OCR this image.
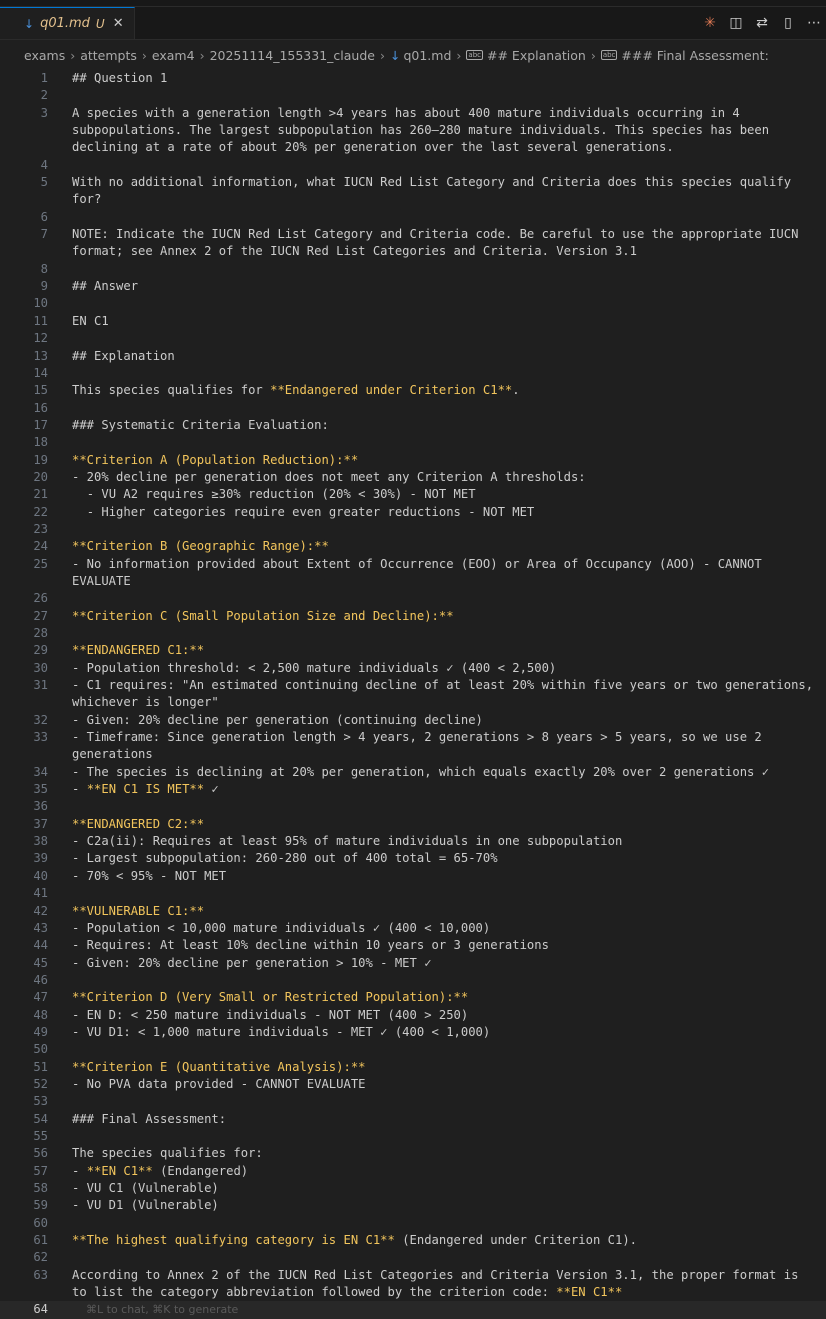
↓ q01.md U ✕	✳ ◫ ⇄	▯	⋯
exams › attempts › exam4 › 20251114_155331_claude › ↓ q01.md › abc ## Explanation › abc ### Final Assessment:
1	## Question 1
2

3	A species with a generation length >4 years has about 400 mature individuals occurring in 4 subpopulations. The largest subpopulation has 260–280 mature individuals. This species has been declining at a rate of about 20% per generation over the last several generations.
4

5	With no additional information, what IUCN Red List Category and Criteria does this species qualify for?
6

7	NOTE: Indicate the IUCN Red List Category and Criteria code. Be careful to use the appropriate IUCN format; see Annex 2 of the IUCN Red List Categories and Criteria. Version 3.1
8

9	## Answer
10

11	EN C1
12

13	## Explanation
14

15	This species qualifies for **Endangered under Criterion C1**.
16

17	### Systematic Criteria Evaluation:
18

19	**Criterion A (Population Reduction):**
20	- 20% decline per generation does not meet any Criterion A thresholds:
21	- VU A2 requires ≥30% reduction (20% < 30%) - NOT MET
22	- Higher categories require even greater reductions - NOT MET
23

24	**Criterion B (Geographic Range):**
25	- No information provided about Extent of Occurrence (EOO) or Area of Occupancy (AOO) - CANNOT EVALUATE
26

27	**Criterion C (Small Population Size and Decline):**
28

29	**ENDANGERED C1:**
30	- Population threshold: < 2,500 mature individuals ✓ (400 < 2,500)
31	- C1 requires: "An estimated continuing decline of at least 20% within five years or two generations, whichever is longer"
32	- Given: 20% decline per generation (continuing decline)
33	- Timeframe: Since generation length > 4 years, 2 generations > 8 years > 5 years, so we use 2 generations
34	- The species is declining at 20% per generation, which equals exactly 20% over 2 generations ✓
35	- **EN C1 IS MET** ✓
36

37	**ENDANGERED C2:**
38	- C2a(ii): Requires at least 95% of mature individuals in one subpopulation
39	- Largest subpopulation: 260-280 out of 400 total = 65-70%
40	- 70% < 95% - NOT MET
41

42	**VULNERABLE C1:**
43	- Population < 10,000 mature individuals ✓ (400 < 10,000)
44	- Requires: At least 10% decline within 10 years or 3 generations
45	- Given: 20% decline per generation > 10% - MET ✓
46

47	**Criterion D (Very Small or Restricted Population):**
48	- EN D: < 250 mature individuals - NOT MET (400 > 250)
49	- VU D1: < 1,000 mature individuals - MET ✓ (400 < 1,000)
50

51	**Criterion E (Quantitative Analysis):**
52	- No PVA data provided - CANNOT EVALUATE
53

54	### Final Assessment:
55

56	The species qualifies for:
57	- **EN C1** (Endangered)
58	- VU C1 (Vulnerable)
59	- VU D1 (Vulnerable)
60

61	**The highest qualifying category is EN C1** (Endangered under Criterion C1).
62

63	According to Annex 2 of the IUCN Red List Categories and Criteria Version 3.1, the proper format is to list the category abbreviation followed by the criterion code: **EN C1**
64	⌘L to chat, ⌘K to generate
